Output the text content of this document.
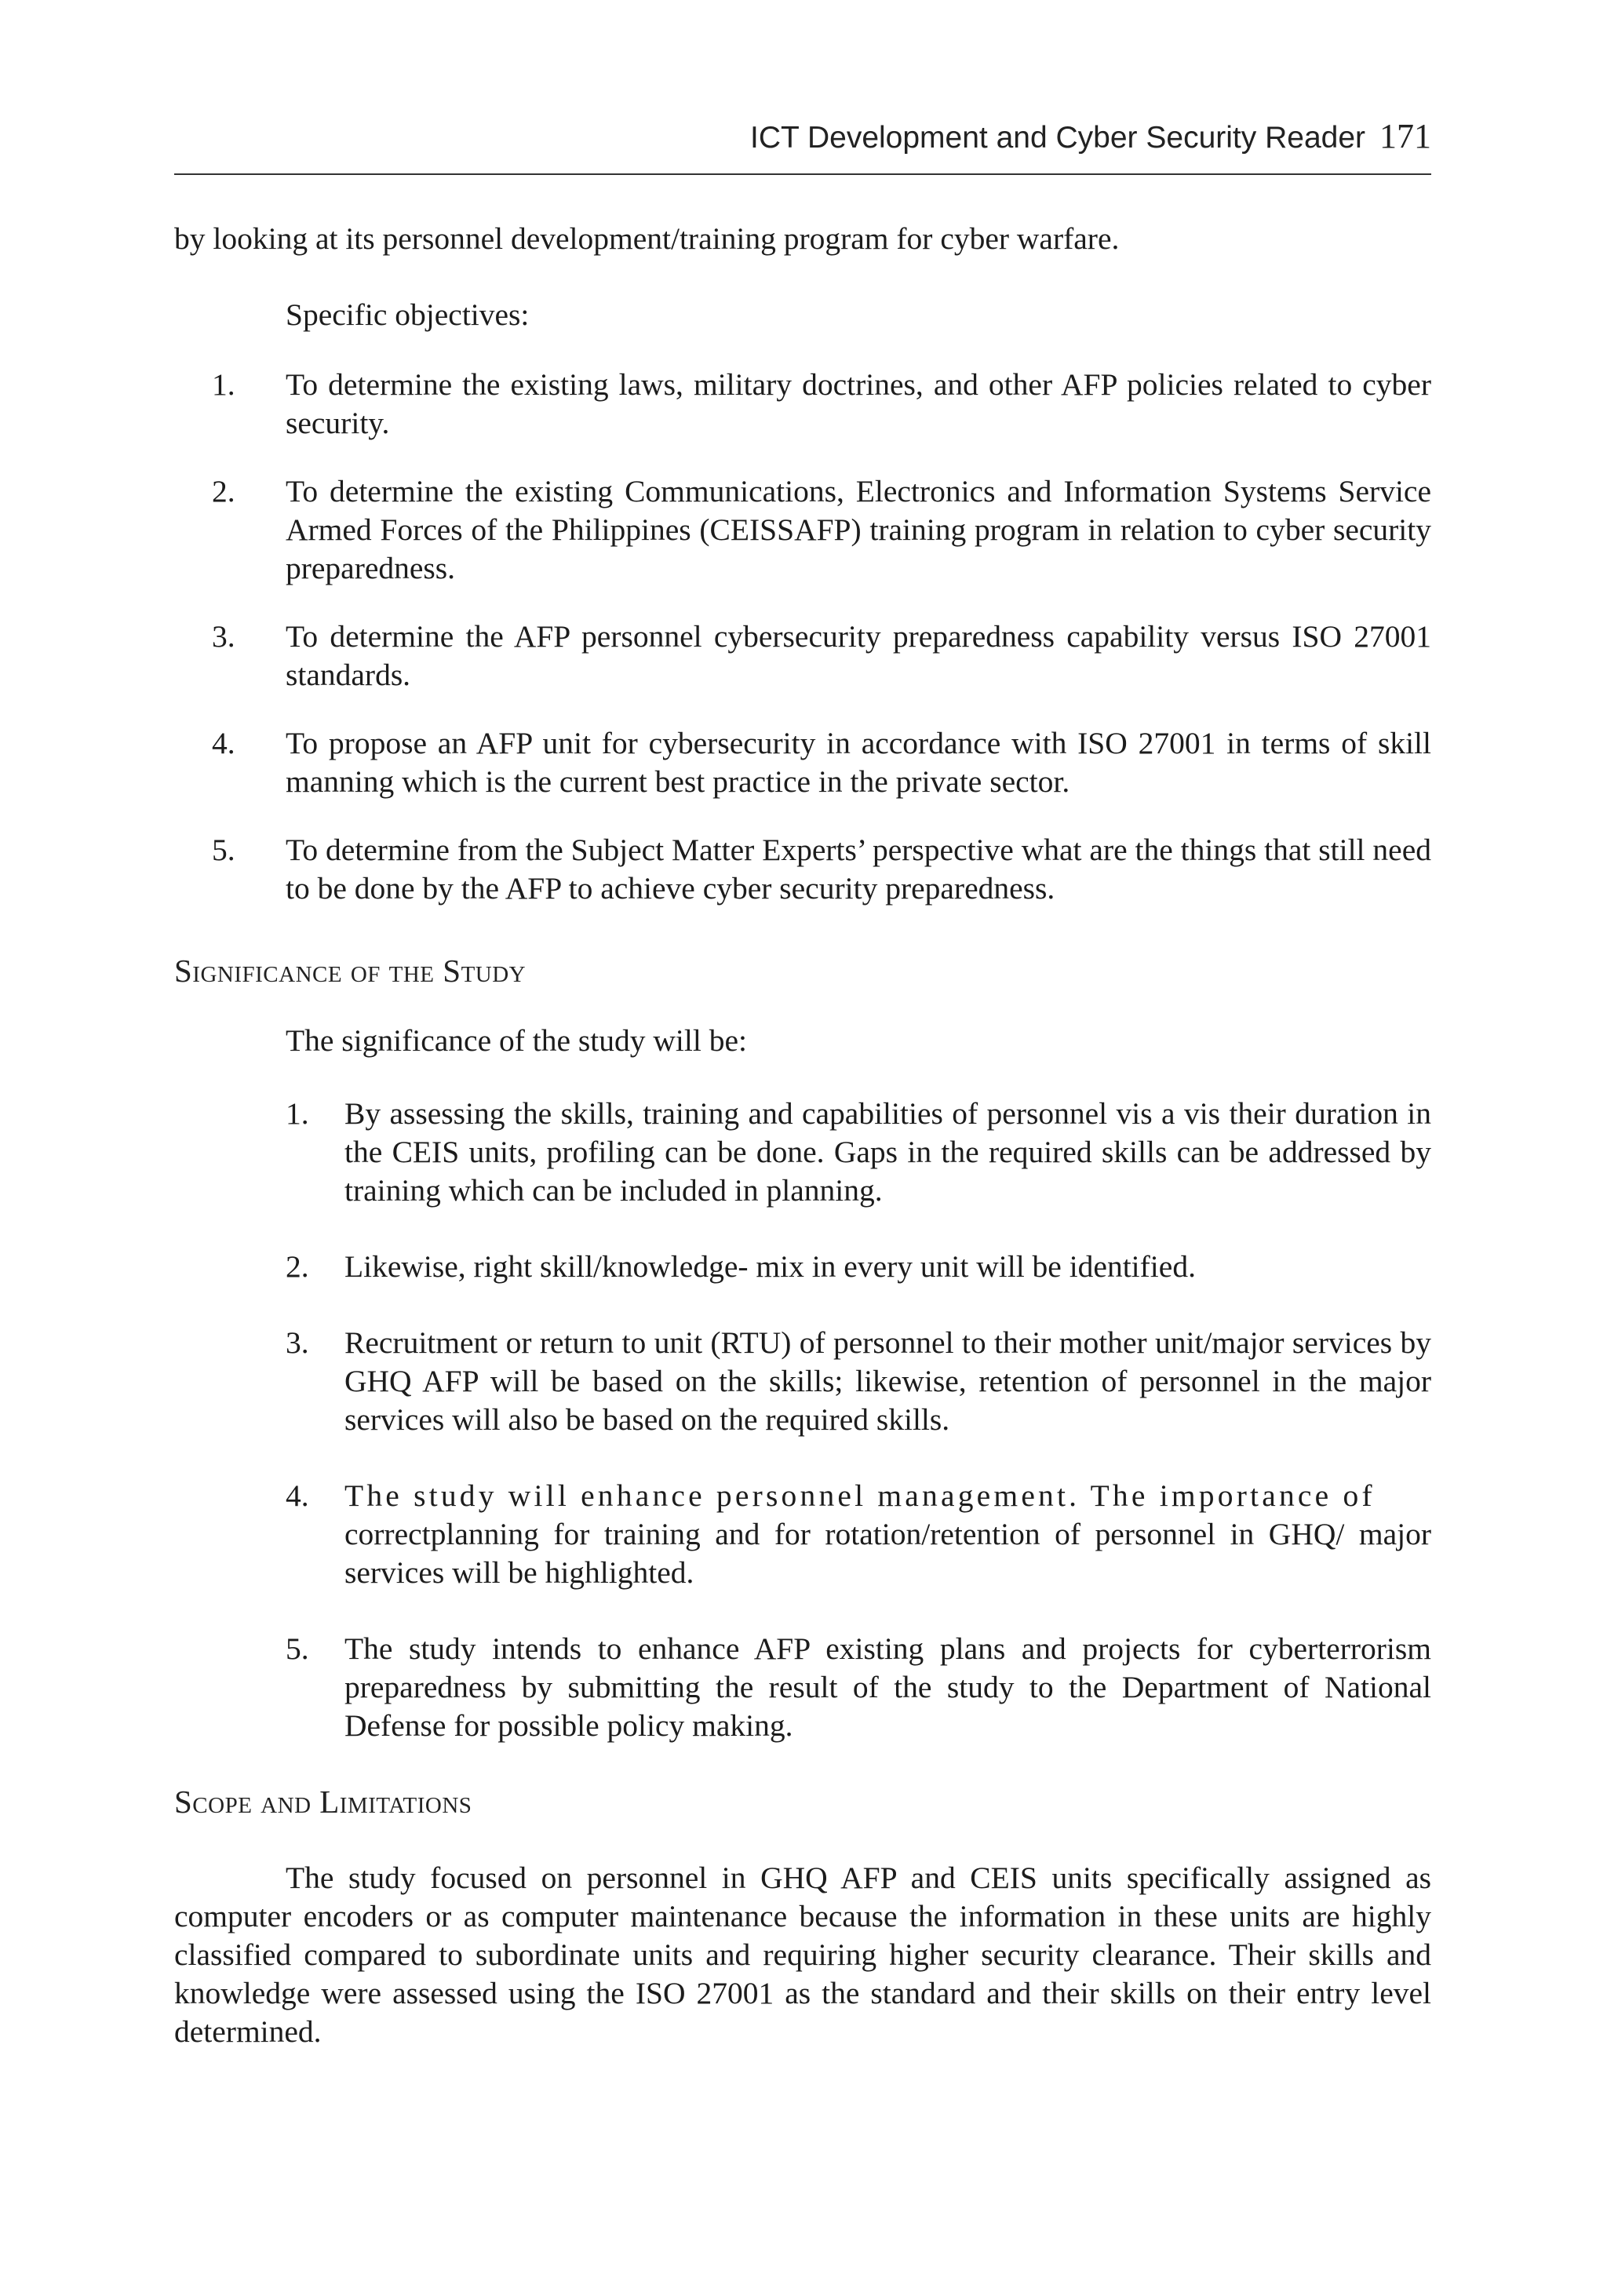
ICT Development and Cyber Security Reader 171

by looking at its personnel development/training program for cyber warfare.

Specific objectives:

1.	To determine the existing laws, military doctrines, and other AFP policies related to cyber security.
2.	To determine the existing Communications, Electronics and Information Systems Service Armed Forces of the Philippines (CEISSAFP) training program in relation to cyber security preparedness.
3.	To determine the AFP personnel cybersecurity preparedness capability versus ISO 27001 standards.
4.	To propose an AFP unit for cybersecurity in accordance with ISO 27001 in terms of skill manning which is the current best practice in the private sector.
5.	To determine from the Subject Matter Experts’ perspective what are the things that still need to be done by the AFP to achieve cyber security preparedness.

Significance of the Study

The significance of the study will be:

1.	By assessing the skills, training and capabilities of personnel vis a vis their duration in the CEIS units, profiling can be done. Gaps in the required skills can be addressed by training which can be included in planning.
2.	Likewise, right skill/knowledge- mix in every unit will be identified.
3.	Recruitment or return to unit (RTU) of personnel to their mother unit/major services by GHQ AFP will be based on the skills; likewise, retention of personnel in the major services will also be based on the required skills.
4.	The study will enhance personnel management. The importance of
correctplanning for training and for rotation/retention of personnel in GHQ/ major services will be highlighted.
5.	The study intends to enhance AFP existing plans and projects for cyberterrorism preparedness by submitting the result of the study to the Department of National Defense for possible policy making.

Scope and Limitations

The study focused on personnel in GHQ AFP and CEIS units specifically assigned as computer encoders or as computer maintenance because the information in these units are highly classified compared to subordinate units and requiring higher security clearance. Their skills and knowledge were assessed using the ISO 27001 as the standard and their skills on their entry level determined.
